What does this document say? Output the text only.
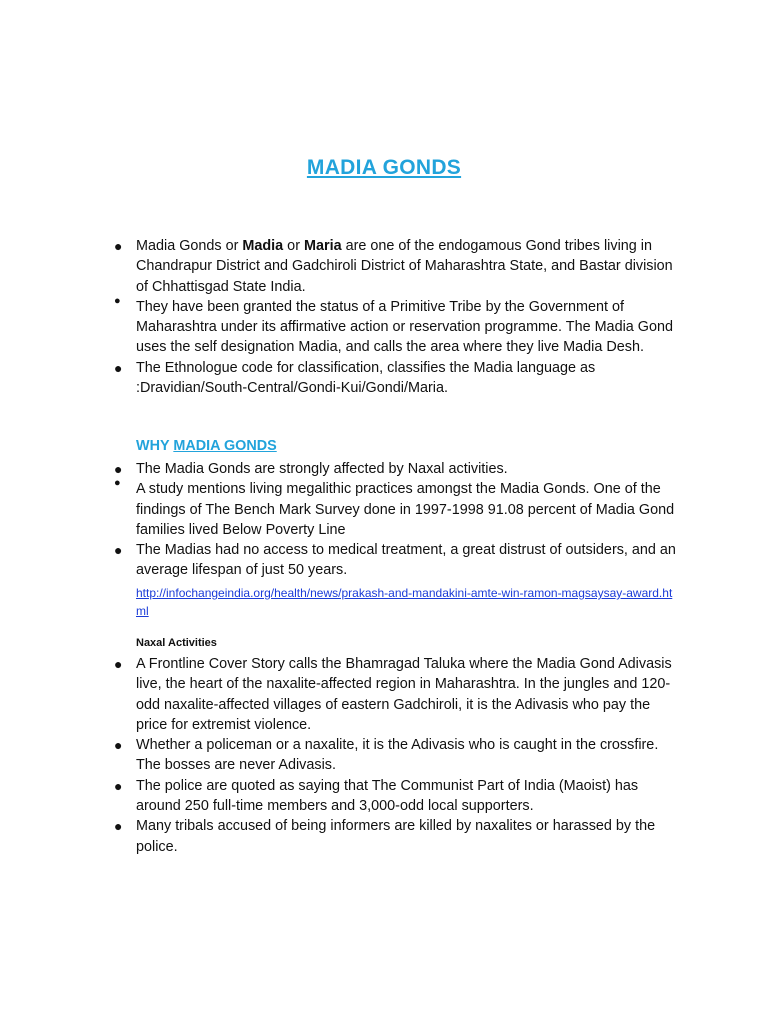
MADIA GONDS
● Madia Gonds or Madia or Maria are one of the endogamous Gond tribes living in Chandrapur District and Gadchiroli District of Maharashtra State, and Bastar division of Chhattisgad State India.
● They have been granted the status of a Primitive Tribe by the Government of Maharashtra under its affirmative action or reservation programme. The Madia Gond uses the self designation Madia, and calls the area where they live Madia Desh.
● The Ethnologue code for classification, classifies the Madia language as :Dravidian/South-Central/Gondi-Kui/Gondi/Maria.
WHY MADIA GONDS
● The Madia Gonds are strongly affected by Naxal activities.
● A study mentions living megalithic practices amongst the Madia Gonds. One of the findings of The Bench Mark Survey done in 1997-1998 91.08 percent of Madia Gond families lived Below Poverty Line
● The Madias had no access to medical treatment, a great distrust of outsiders, and an average lifespan of just 50 years.
http://infochangeindia.org/health/news/prakash-and-mandakini-amte-win-ramon-magsaysay-award.html
Naxal Activities
● A Frontline Cover Story calls the Bhamragad Taluka where the Madia Gond Adivasis live, the heart of the naxalite-affected region in Maharashtra. In the jungles and 120-odd naxalite-affected villages of eastern Gadchiroli, it is the Adivasis who pay the price for extremist violence.
● Whether a policeman or a naxalite, it is the Adivasis who is caught in the crossfire. The bosses are never Adivasis.
● The police are quoted as saying that The Communist Part of India (Maoist) has around 250 full-time members and 3,000-odd local supporters.
● Many tribals accused of being informers are killed by naxalites or harassed by the police.
